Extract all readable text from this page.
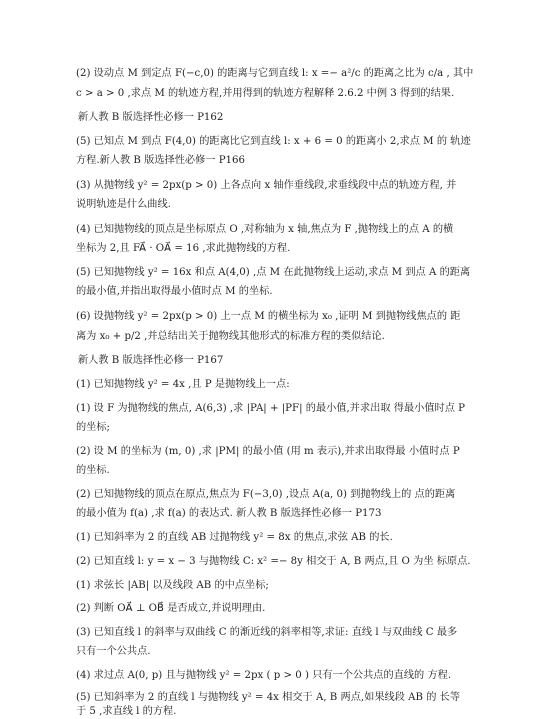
(2) 设动点 M 到定点 F(−c,0) 的距离与它到直线 l: x =− a²/c 的距离之比为 c/a , 其中
c > a > 0 ,求点 M 的轨迹方程,并用得到的轨迹方程解释 2.6.2 中例 3 得到的结果.
新人教 B 版选择性必修一 P162
(5) 已知点 M 到点 F(4,0) 的距离比它到直线 l: x + 6 = 0 的距离小 2,求点 M 的 轨迹
方程.新人教 B 版选择性必修一 P166
(3) 从抛物线 y² = 2px(p > 0) 上各点向 x 轴作垂线段,求垂线段中点的轨迹方程, 并
说明轨迹是什么曲线.
(4) 已知抛物线的顶点是坐标原点 O ,对称轴为 x 轴,焦点为 F ,抛物线上的点 A 的横
坐标为 2,且 FA⃗ · OA⃗ = 16 ,求此抛物线的方程.
(5) 已知抛物线 y² = 16x 和点 A(4,0) ,点 M 在此抛物线上运动,求点 M 到点 A 的距离
的最小值,并指出取得最小值时点 M 的坐标.
(6) 设抛物线 y² = 2px(p > 0) 上一点 M 的横坐标为 x₀ ,证明 M 到抛物线焦点的 距
离为 x₀ + p/2 ,并总结出关于抛物线其他形式的标准方程的类似结论.
新人教 B 版选择性必修一 P167
(1) 已知抛物线 y² = 4x ,且 P 是抛物线上一点:
(1) 设 F 为抛物线的焦点, A(6,3) ,求 |PA| + |PF| 的最小值,并求出取 得最小值时点 P
的坐标;
(2) 设 M 的坐标为 (m, 0) ,求 |PM| 的最小值 (用 m 表示),并求出取得最 小值时点 P
的坐标.
(2) 已知抛物线的顶点在原点,焦点为 F(−3,0) ,设点 A(a, 0) 到抛物线上的 点的距离
的最小值为 f(a) ,求 f(a) 的表达式. 新人教 B 版选择性必修一 P173
(1) 已知斜率为 2 的直线 AB 过抛物线 y² = 8x 的焦点,求弦 AB 的长.
(2) 已知直线 l: y = x − 3 与抛物线 C: x² =− 8y 相交于 A, B 两点,且 O 为坐 标原点.
(1) 求弦长 |AB| 以及线段 AB 的中点坐标;
(2) 判断 OA⃗ ⊥ OB⃗ 是否成立,并说明理由.
(3) 已知直线 l 的斜率与双曲线 C 的渐近线的斜率相等,求证: 直线 l 与双曲线 C 最多
只有一个公共点.
(4) 求过点 A(0, p) 且与抛物线 y² = 2px ( p > 0 ) 只有一个公共点的直线的 方程.
(5) 已知斜率为 2 的直线 l 与抛物线 y² = 4x 相交于 A, B 两点,如果线段 AB 的 长等
于 5 ,求直线 l 的方程.
